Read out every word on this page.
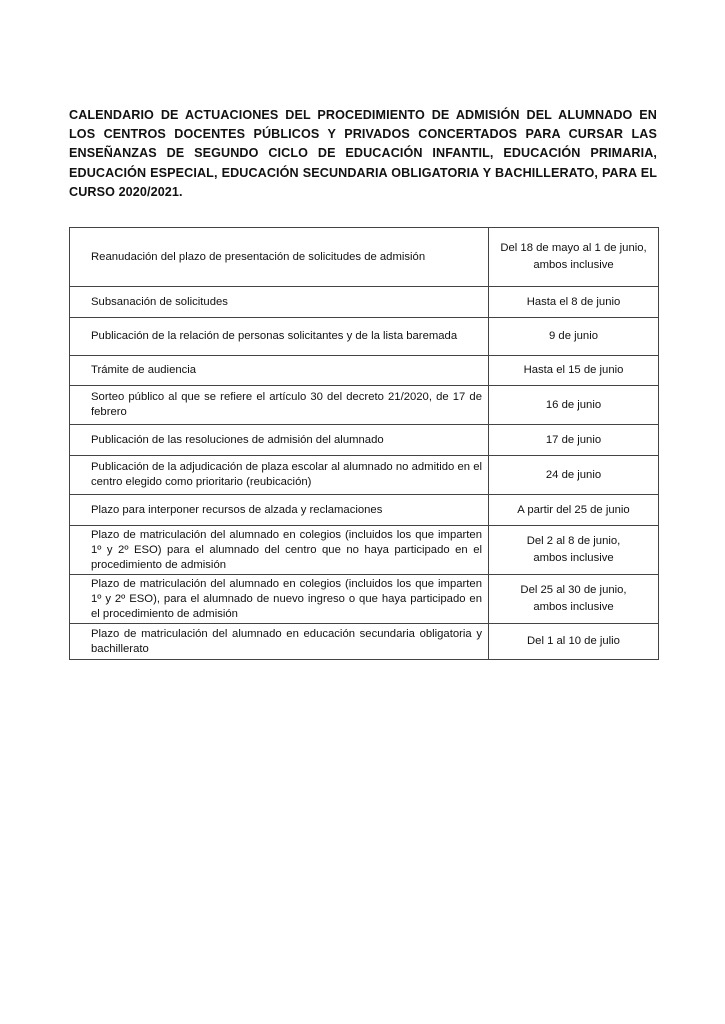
CALENDARIO DE ACTUACIONES DEL PROCEDIMIENTO DE ADMISIÓN DEL ALUMNADO EN LOS CENTROS DOCENTES PÚBLICOS Y PRIVADOS CONCERTADOS PARA CURSAR LAS ENSEÑANZAS DE SEGUNDO CICLO DE EDUCACIÓN INFANTIL, EDUCACIÓN PRIMARIA, EDUCACIÓN ESPECIAL, EDUCACIÓN SECUNDARIA OBLIGATORIA Y BACHILLERATO, PARA EL CURSO 2020/2021.
Reanudación del plazo de presentación de solicitudes de admisión	Del 18 de mayo al 1 de junio,
ambos inclusive

Subsanación de solicitudes	Hasta el 8 de junio

Publicación de la relación de personas solicitantes y de la lista baremada	9 de junio

Trámite de audiencia	Hasta el 15 de junio

Sorteo público al que se refiere el artículo 30 del decreto 21/2020, de 17 de febrero	16 de junio

Publicación de las resoluciones de admisión del alumnado	17 de junio

Publicación de la adjudicación de plaza escolar al alumnado no admitido en el centro elegido como prioritario (reubicación)	24 de junio

Plazo para interponer recursos de alzada y reclamaciones	A partir del 25 de junio

Plazo de matriculación del alumnado en colegios (incluidos los que imparten 1º y 2º ESO) para el alumnado del centro que no haya participado en el procedimiento de admisión	Del 2 al 8 de junio,
ambos inclusive

Plazo de matriculación del alumnado en colegios (incluidos los que imparten 1º y 2º ESO), para el alumnado de nuevo ingreso o que haya participado en el procedimiento de admisión	Del 25 al 30 de junio,
ambos inclusive

Plazo de matriculación del alumnado en educación secundaria obligatoria y bachillerato	Del 1 al 10 de julio
